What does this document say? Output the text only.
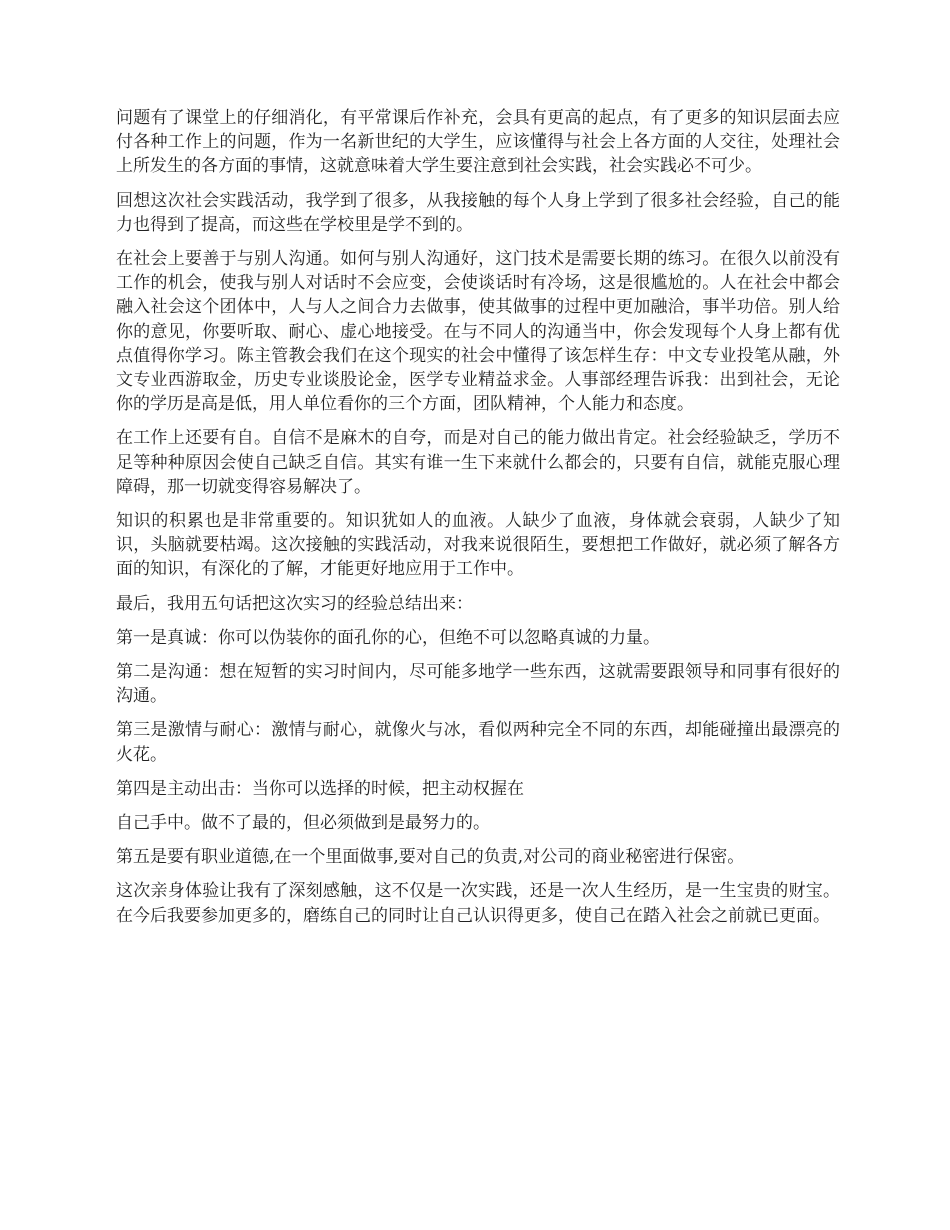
问题有了课堂上的仔细消化，有平常课后作补充，会具有更高的起点，有了更多的知识层面去应付各种工作上的问题，作为一名新世纪的大学生，应该懂得与社会上各方面的人交往，处理社会上所发生的各方面的事情，这就意味着大学生要注意到社会实践，社会实践必不可少。

回想这次社会实践活动，我学到了很多，从我接触的每个人身上学到了很多社会经验，自己的能力也得到了提高，而这些在学校里是学不到的。

在社会上要善于与别人沟通。如何与别人沟通好，这门技术是需要长期的练习。在很久以前没有工作的机会，使我与别人对话时不会应变，会使谈话时有冷场，这是很尴尬的。人在社会中都会融入社会这个团体中，人与人之间合力去做事，使其做事的过程中更加融洽，事半功倍。别人给你的意见，你要听取、耐心、虚心地接受。在与不同人的沟通当中，你会发现每个人身上都有优点值得你学习。陈主管教会我们在这个现实的社会中懂得了该怎样生存：中文专业投笔从融，外文专业西游取金，历史专业谈股论金，医学专业精益求金。人事部经理告诉我：出到社会，无论你的学历是高是低，用人单位看你的三个方面，团队精神，个人能力和态度。

在工作上还要有自。自信不是麻木的自夸，而是对自己的能力做出肯定。社会经验缺乏，学历不足等种种原因会使自己缺乏自信。其实有谁一生下来就什么都会的，只要有自信，就能克服心理障碍，那一切就变得容易解决了。

知识的积累也是非常重要的。知识犹如人的血液。人缺少了血液，身体就会衰弱，人缺少了知识，头脑就要枯竭。这次接触的实践活动，对我来说很陌生，要想把工作做好，就必须了解各方面的知识，有深化的了解，才能更好地应用于工作中。

最后，我用五句话把这次实习的经验总结出来：

第一是真诚：你可以伪装你的面孔你的心，但绝不可以忽略真诚的力量。

第二是沟通：想在短暂的实习时间内，尽可能多地学一些东西，这就需要跟领导和同事有很好的沟通。

第三是激情与耐心：激情与耐心，就像火与冰，看似两种完全不同的东西，却能碰撞出最漂亮的火花。

第四是主动出击：当你可以选择的时候，把主动权握在

自己手中。做不了最的，但必须做到是最努力的。

第五是要有职业道德,在一个里面做事,要对自己的负责,对公司的商业秘密进行保密。

这次亲身体验让我有了深刻感触，这不仅是一次实践，还是一次人生经历，是一生宝贵的财宝。在今后我要参加更多的，磨练自己的同时让自己认识得更多，使自己在踏入社会之前就已更面。
